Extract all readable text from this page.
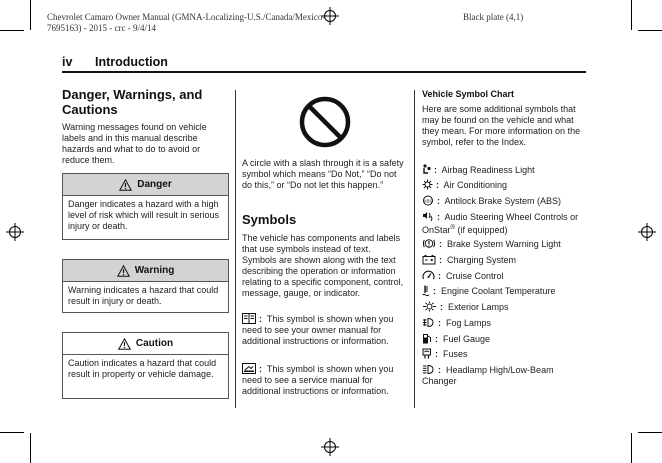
Chevrolet Camaro Owner Manual (GMNA-Localizing-U.S./Canada/Mexico-
7695163) - 2015 - crc - 9/4/14
Black plate (4,1)
iv Introduction
Danger, Warnings, and Cautions
Warning messages found on vehicle labels and in this manual describe hazards and what to do to avoid or reduce them.
Danger
Danger indicates a hazard with a high level of risk which will result in serious injury or death.
Warning
Warning indicates a hazard that could result in injury or death.
Caution
Caution indicates a hazard that could result in property or vehicle damage.
A circle with a slash through it is a safety symbol which means “Do Not,” “Do not do this,” or “Do not let this happen.”
Symbols
The vehicle has components and labels that use symbols instead of text. Symbols are shown along with the text describing the operation or information relating to a specific component, control, message, gauge, or indicator.
: This symbol is shown when you need to see your owner manual for additional instructions or information.
: This symbol is shown when you need to see a service manual for additional instructions or information.
Vehicle Symbol Chart
Here are some additional symbols that may be found on the vehicle and what they mean. For more information on the symbol, refer to the Index.
: Airbag Readiness Light
: Air Conditioning
ABS : Antilock Brake System (ABS)
: Audio Steering Wheel Controls or OnStar® (if equipped)
: Brake System Warning Light
: Charging System
: Cruise Control
: Engine Coolant Temperature
: Exterior Lamps
: Fog Lamps
: Fuel Gauge
: Fuses
: Headlamp High/Low-Beam Changer
